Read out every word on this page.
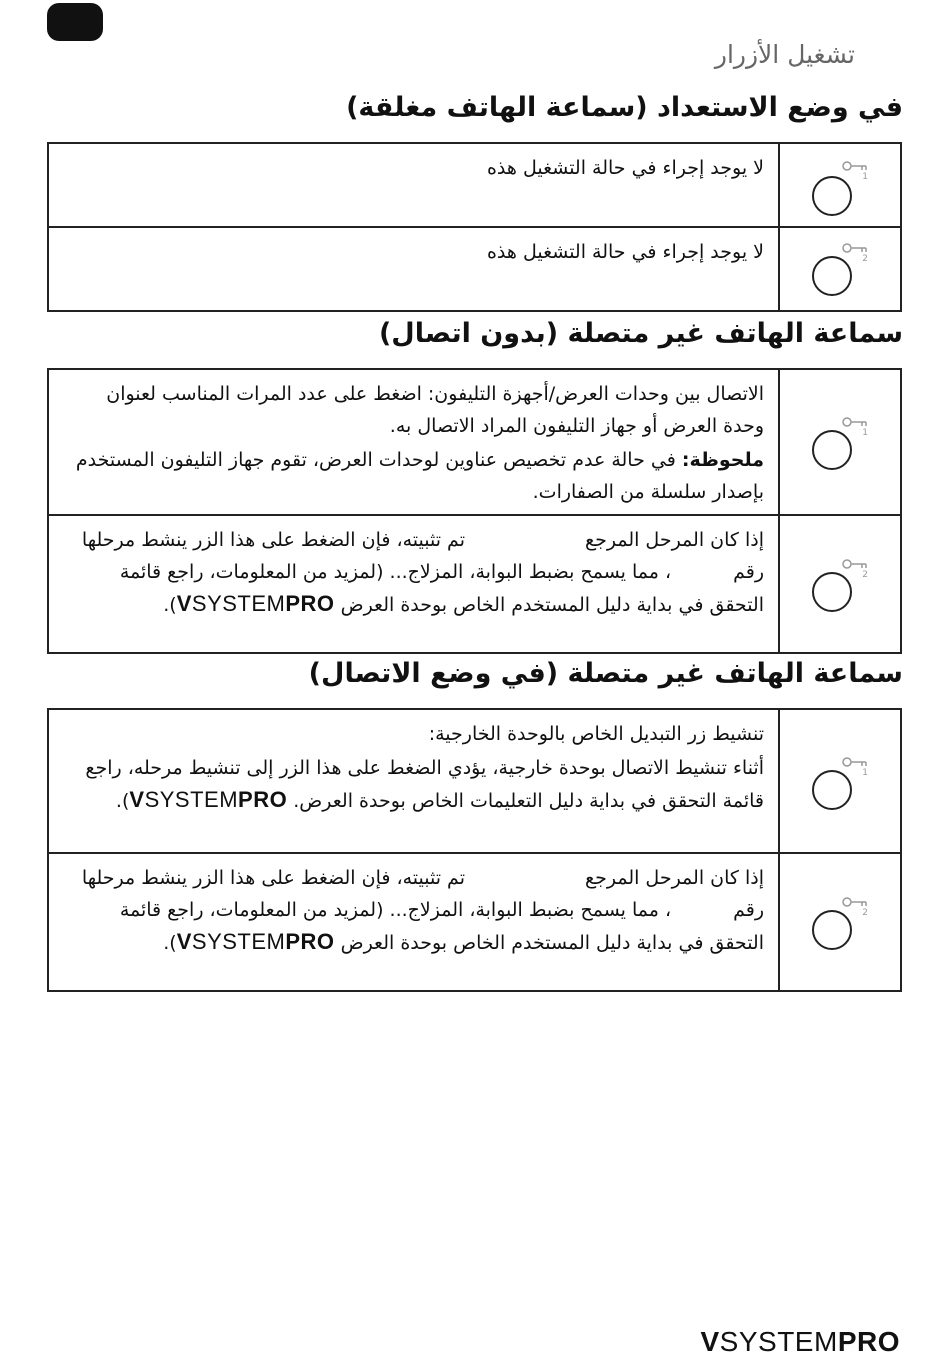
تشغيل الأزرار
في وضع الاستعداد (سماعة الهاتف مغلقة)
1	لا يوجد إجراء في حالة التشغيل هذه

2	لا يوجد إجراء في حالة التشغيل هذه

سماعة الهاتف غير متصلة (بدون اتصال)
1	الاتصال بين وحدات العرض/أجهزة التليفون: اضغط على عدد المرات المناسب لعنوان وحدة العرض أو جهاز التليفون المراد الاتصال به.

ملحوظة: في حالة عدم تخصيص عناوين لوحدات العرض، تقوم جهاز التليفون المستخدم بإصدار سلسلة من الصفارات.

2	إذا كان المرحل المرجعتم تثبيته، فإن الضغط على هذا الزر ينشط مرحلها رقم، مما يسمح بضبط البوابة، المزلاج... (لمزيد من المعلومات، راجع قائمة التحقق في بداية دليل المستخدم الخاص بوحدة العرض VSYSTEMPRO).

سماعة الهاتف غير متصلة (في وضع الاتصال)
1	تنشيط زر التبديل الخاص بالوحدة الخارجية:

أثناء تنشيط الاتصال بوحدة خارجية، يؤدي الضغط على هذا الزر إلى تنشيط مرحله، راجع قائمة التحقق في بداية دليل التعليمات الخاص بوحدة العرض. VSYSTEMPRO).

2	إذا كان المرحل المرجعتم تثبيته، فإن الضغط على هذا الزر ينشط مرحلها رقم، مما يسمح بضبط البوابة، المزلاج... (لمزيد من المعلومات، راجع قائمة التحقق في بداية دليل المستخدم الخاص بوحدة العرض VSYSTEMPRO).

VSYSTEMPRO
